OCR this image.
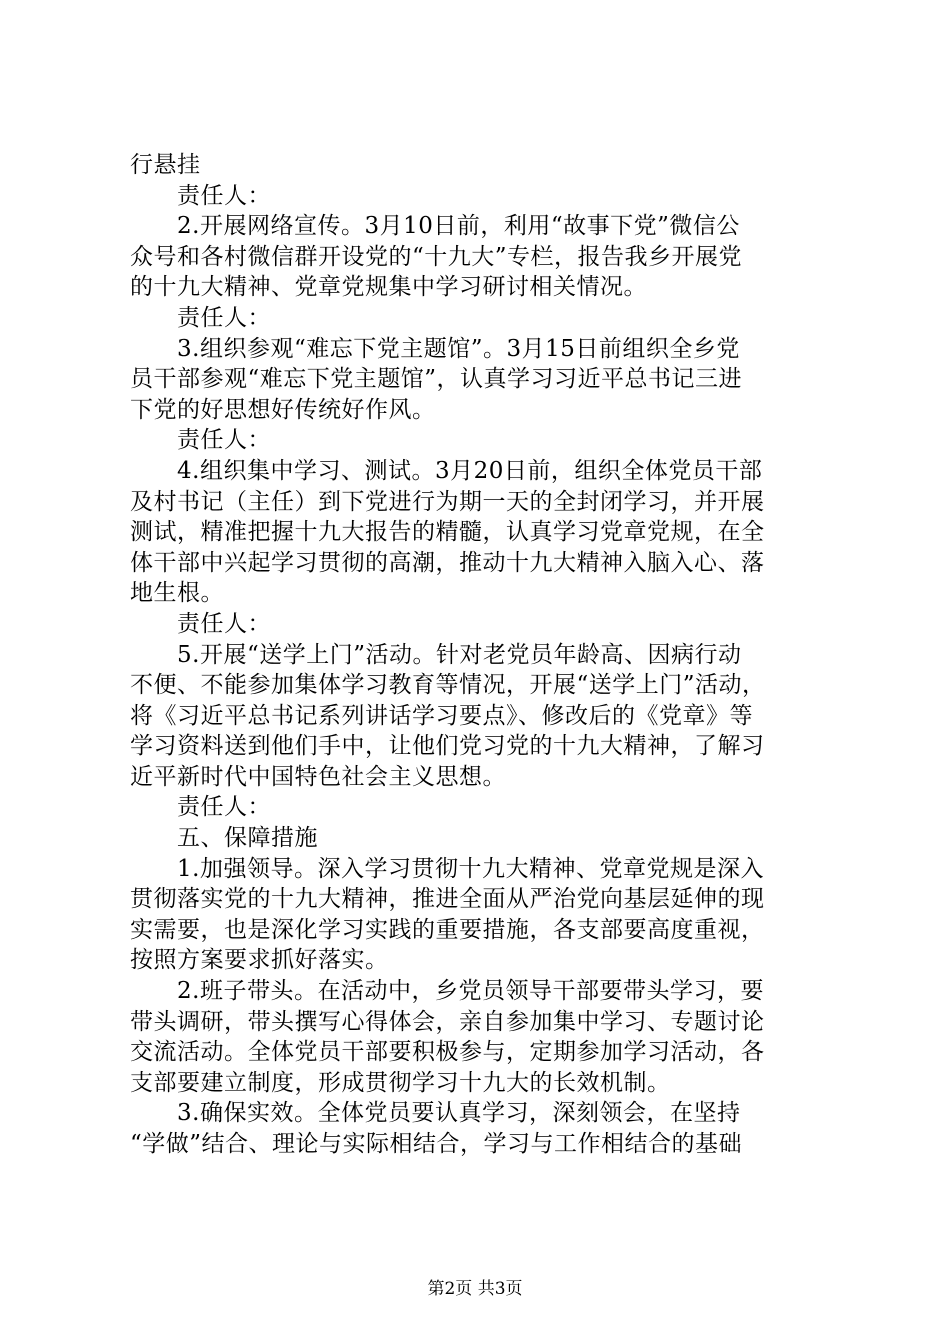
行悬挂
责任人：
2.开展网络宣传。3月10日前，利用“故事下党”微信公
众号和各村微信群开设党的“十九大”专栏，报告我乡开展党
的十九大精神、党章党规集中学习研讨相关情况。
责任人：
3.组织参观“难忘下党主题馆”。3月15日前组织全乡党
员干部参观“难忘下党主题馆”，认真学习习近平总书记三进
下党的好思想好传统好作风。
责任人：
4.组织集中学习、测试。3月20日前，组织全体党员干部
及村书记（主任）到下党进行为期一天的全封闭学习，并开展
测试，精准把握十九大报告的精髓，认真学习党章党规，在全
体干部中兴起学习贯彻的高潮，推动十九大精神入脑入心、落
地生根。
责任人：
5.开展“送学上门”活动。针对老党员年龄高、因病行动
不便、不能参加集体学习教育等情况，开展“送学上门”活动，
将《习近平总书记系列讲话学习要点》、修改后的《党章》等
学习资料送到他们手中，让他们党习党的十九大精神，了解习
近平新时代中国特色社会主义思想。
责任人：
五、保障措施
1.加强领导。深入学习贯彻十九大精神、党章党规是深入
贯彻落实党的十九大精神，推进全面从严治党向基层延伸的现
实需要，也是深化学习实践的重要措施，各支部要高度重视，
按照方案要求抓好落实。
2.班子带头。在活动中，乡党员领导干部要带头学习，要
带头调研，带头撰写心得体会，亲自参加集中学习、专题讨论
交流活动。全体党员干部要积极参与，定期参加学习活动，各
支部要建立制度，形成贯彻学习十九大的长效机制。
3.确保实效。全体党员要认真学习，深刻领会，在坚持
“学做”结合、理论与实际相结合，学习与工作相结合的基础
第2页 共3页
